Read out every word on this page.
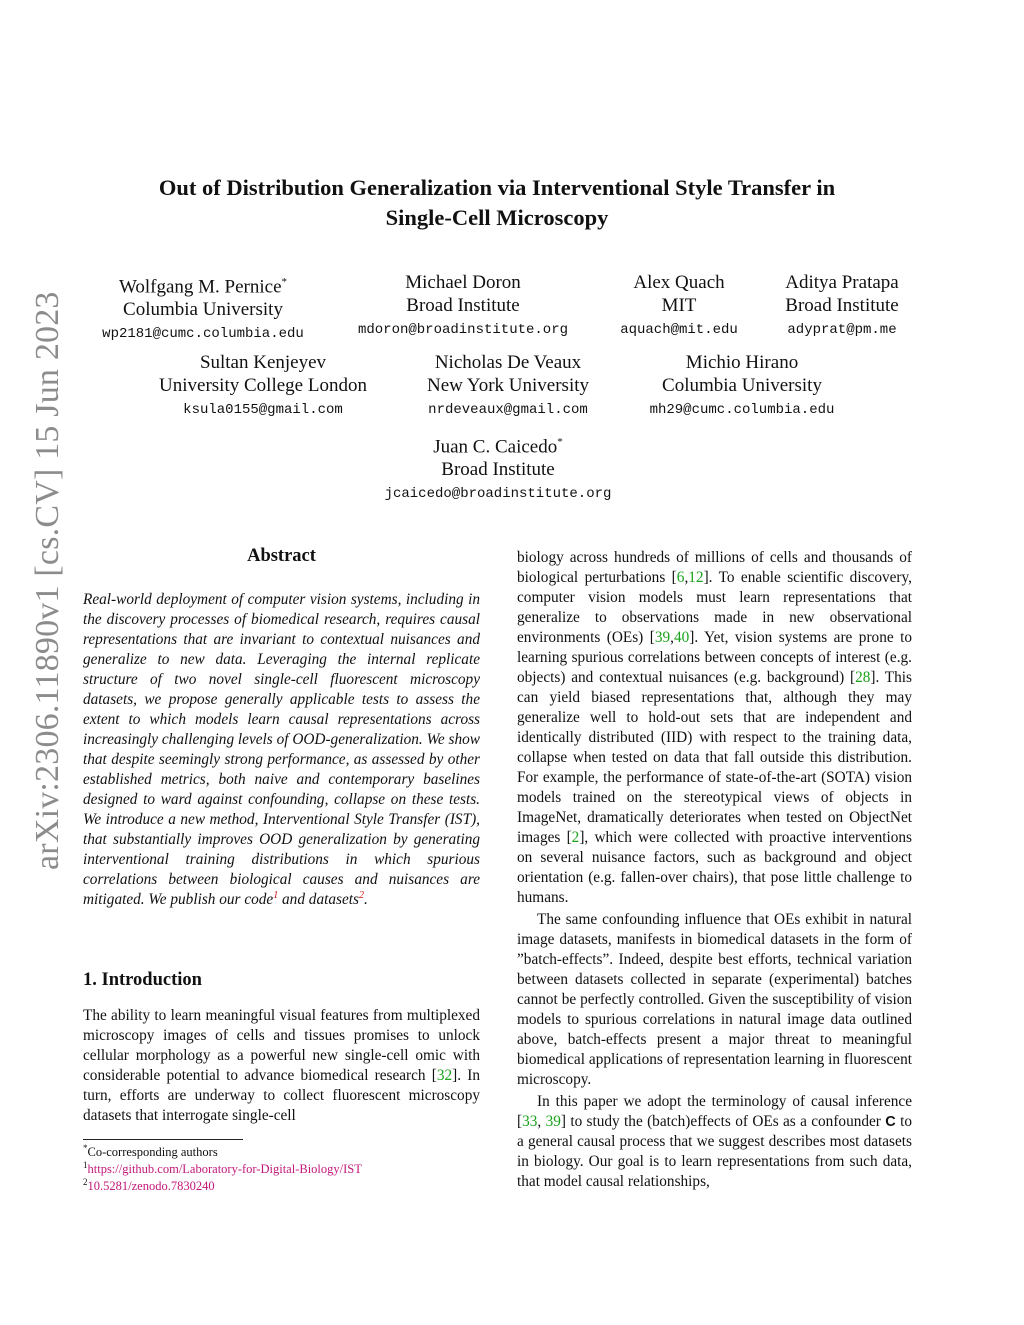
arXiv:2306.11890v1 [cs.CV] 15 Jun 2023
Out of Distribution Generalization via Interventional Style Transfer in
Single-Cell Microscopy
Wolfgang M. Pernice*
Columbia University
wp2181@cumc.columbia.edu
Michael Doron
Broad Institute
mdoron@broadinstitute.org
Alex Quach
MIT
aquach@mit.edu
Aditya Pratapa
Broad Institute
adyprat@pm.me
Sultan Kenjeyev
University College London
ksula0155@gmail.com
Nicholas De Veaux
New York University
nrdeveaux@gmail.com
Michio Hirano
Columbia University
mh29@cumc.columbia.edu
Juan C. Caicedo*
Broad Institute
jcaicedo@broadinstitute.org
Abstract

Real-world deployment of computer vision systems, including in the discovery processes of biomedical research, requires causal representations that are invariant to contextual nuisances and generalize to new data. Leveraging the internal replicate structure of two novel single-cell fluorescent microscopy datasets, we propose generally applicable tests to assess the extent to which models learn causal representations across increasingly challenging levels of OOD-generalization. We show that despite seemingly strong performance, as assessed by other established metrics, both naive and contemporary baselines designed to ward against confounding, collapse on these tests. We introduce a new method, Interventional Style Transfer (IST), that substantially improves OOD generalization by generating interventional training distributions in which spurious correlations between biological causes and nuisances are mitigated. We publish our code$^1$ and datasets$^2$.

1. Introduction

The ability to learn meaningful visual features from multiplexed microscopy images of cells and tissues promises to unlock cellular morphology as a powerful new single-cell omic with considerable potential to advance biomedical research [32]. In turn, efforts are underway to collect fluorescent microscopy datasets that interrogate single-cell

*Co-corresponding authors
$^1$https://github.com/Laboratory-for-Digital-Biology/IST
$^2$10.5281/zenodo.7830240

biology across hundreds of millions of cells and thousands of biological perturbations [6,12]. To enable scientific discovery, computer vision models must learn representations that generalize to observations made in new observational environments (OEs) [39,40]. Yet, vision systems are prone to learning spurious correlations between concepts of interest (e.g. objects) and contextual nuisances (e.g. background) [28]. This can yield biased representations that, although they may generalize well to hold-out sets that are independent and identically distributed (IID) with respect to the training data, collapse when tested on data that fall outside this distribution. For example, the performance of state-of-the-art (SOTA) vision models trained on the stereotypical views of objects in ImageNet, dramatically deteriorates when tested on ObjectNet images [2], which were collected with proactive interventions on several nuisance factors, such as background and object orientation (e.g. fallen-over chairs), that pose little challenge to humans.

The same confounding influence that OEs exhibit in natural image datasets, manifests in biomedical datasets in the form of ”batch-effects”. Indeed, despite best efforts, technical variation between datasets collected in separate (experimental) batches cannot be perfectly controlled. Given the susceptibility of vision models to spurious correlations in natural image data outlined above, batch-effects present a major threat to meaningful biomedical applications of representation learning in fluorescent microscopy.

In this paper we adopt the terminology of causal inference [33, 39] to study the (batch)effects of OEs as a confounder C to a general causal process that we suggest describes most datasets in biology. Our goal is to learn representations from such data, that model causal relationships,
